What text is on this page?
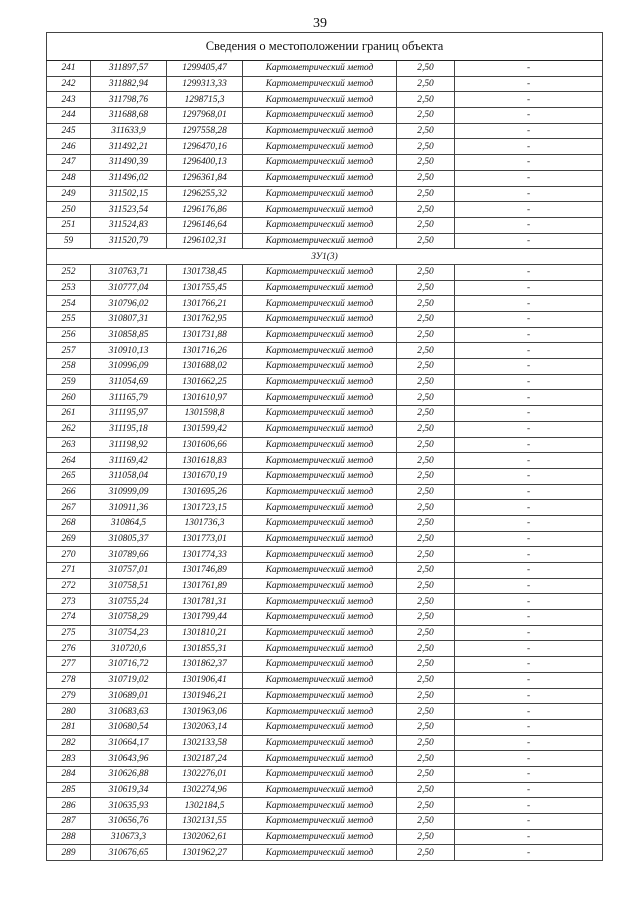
39
Сведения о местоположении границ объекта					
241	311897,57	1299405,47	Картометрический метод	2,50	-
242	311882,94	1299313,33	Картометрический метод	2,50	-
243	311798,76	1298715,3	Картометрический метод	2,50	-
244	311688,68	1297968,01	Картометрический метод	2,50	-
245	311633,9	1297558,28	Картометрический метод	2,50	-
246	311492,21	1296470,16	Картометрический метод	2,50	-
247	311490,39	1296400,13	Картометрический метод	2,50	-
248	311496,02	1296361,84	Картометрический метод	2,50	-
249	311502,15	1296255,32	Картометрический метод	2,50	-
250	311523,54	1296176,86	Картометрический метод	2,50	-
251	311524,83	1296146,64	Картометрический метод	2,50	-
59	311520,79	1296102,31	Картометрический метод	2,50	-
ЗУ1(3)					
252	310763,71	1301738,45	Картометрический метод	2,50	-
253	310777,04	1301755,45	Картометрический метод	2,50	-
254	310796,02	1301766,21	Картометрический метод	2,50	-
255	310807,31	1301762,95	Картометрический метод	2,50	-
256	310858,85	1301731,88	Картометрический метод	2,50	-
257	310910,13	1301716,26	Картометрический метод	2,50	-
258	310996,09	1301688,02	Картометрический метод	2,50	-
259	311054,69	1301662,25	Картометрический метод	2,50	-
260	311165,79	1301610,97	Картометрический метод	2,50	-
261	311195,97	1301598,8	Картометрический метод	2,50	-
262	311195,18	1301599,42	Картометрический метод	2,50	-
263	311198,92	1301606,66	Картометрический метод	2,50	-
264	311169,42	1301618,83	Картометрический метод	2,50	-
265	311058,04	1301670,19	Картометрический метод	2,50	-
266	310999,09	1301695,26	Картометрический метод	2,50	-
267	310911,36	1301723,15	Картометрический метод	2,50	-
268	310864,5	1301736,3	Картометрический метод	2,50	-
269	310805,37	1301773,01	Картометрический метод	2,50	-
270	310789,66	1301774,33	Картометрический метод	2,50	-
271	310757,01	1301746,89	Картометрический метод	2,50	-
272	310758,51	1301761,89	Картометрический метод	2,50	-
273	310755,24	1301781,31	Картометрический метод	2,50	-
274	310758,29	1301799,44	Картометрический метод	2,50	-
275	310754,23	1301810,21	Картометрический метод	2,50	-
276	310720,6	1301855,31	Картометрический метод	2,50	-
277	310716,72	1301862,37	Картометрический метод	2,50	-
278	310719,02	1301906,41	Картометрический метод	2,50	-
279	310689,01	1301946,21	Картометрический метод	2,50	-
280	310683,63	1301963,06	Картометрический метод	2,50	-
281	310680,54	1302063,14	Картометрический метод	2,50	-
282	310664,17	1302133,58	Картометрический метод	2,50	-
283	310643,96	1302187,24	Картометрический метод	2,50	-
284	310626,88	1302276,01	Картометрический метод	2,50	-
285	310619,34	1302274,96	Картометрический метод	2,50	-
286	310635,93	1302184,5	Картометрический метод	2,50	-
287	310656,76	1302131,55	Картометрический метод	2,50	-
288	310673,3	1302062,61	Картометрический метод	2,50	-
289	310676,65	1301962,27	Картометрический метод	2,50	-
